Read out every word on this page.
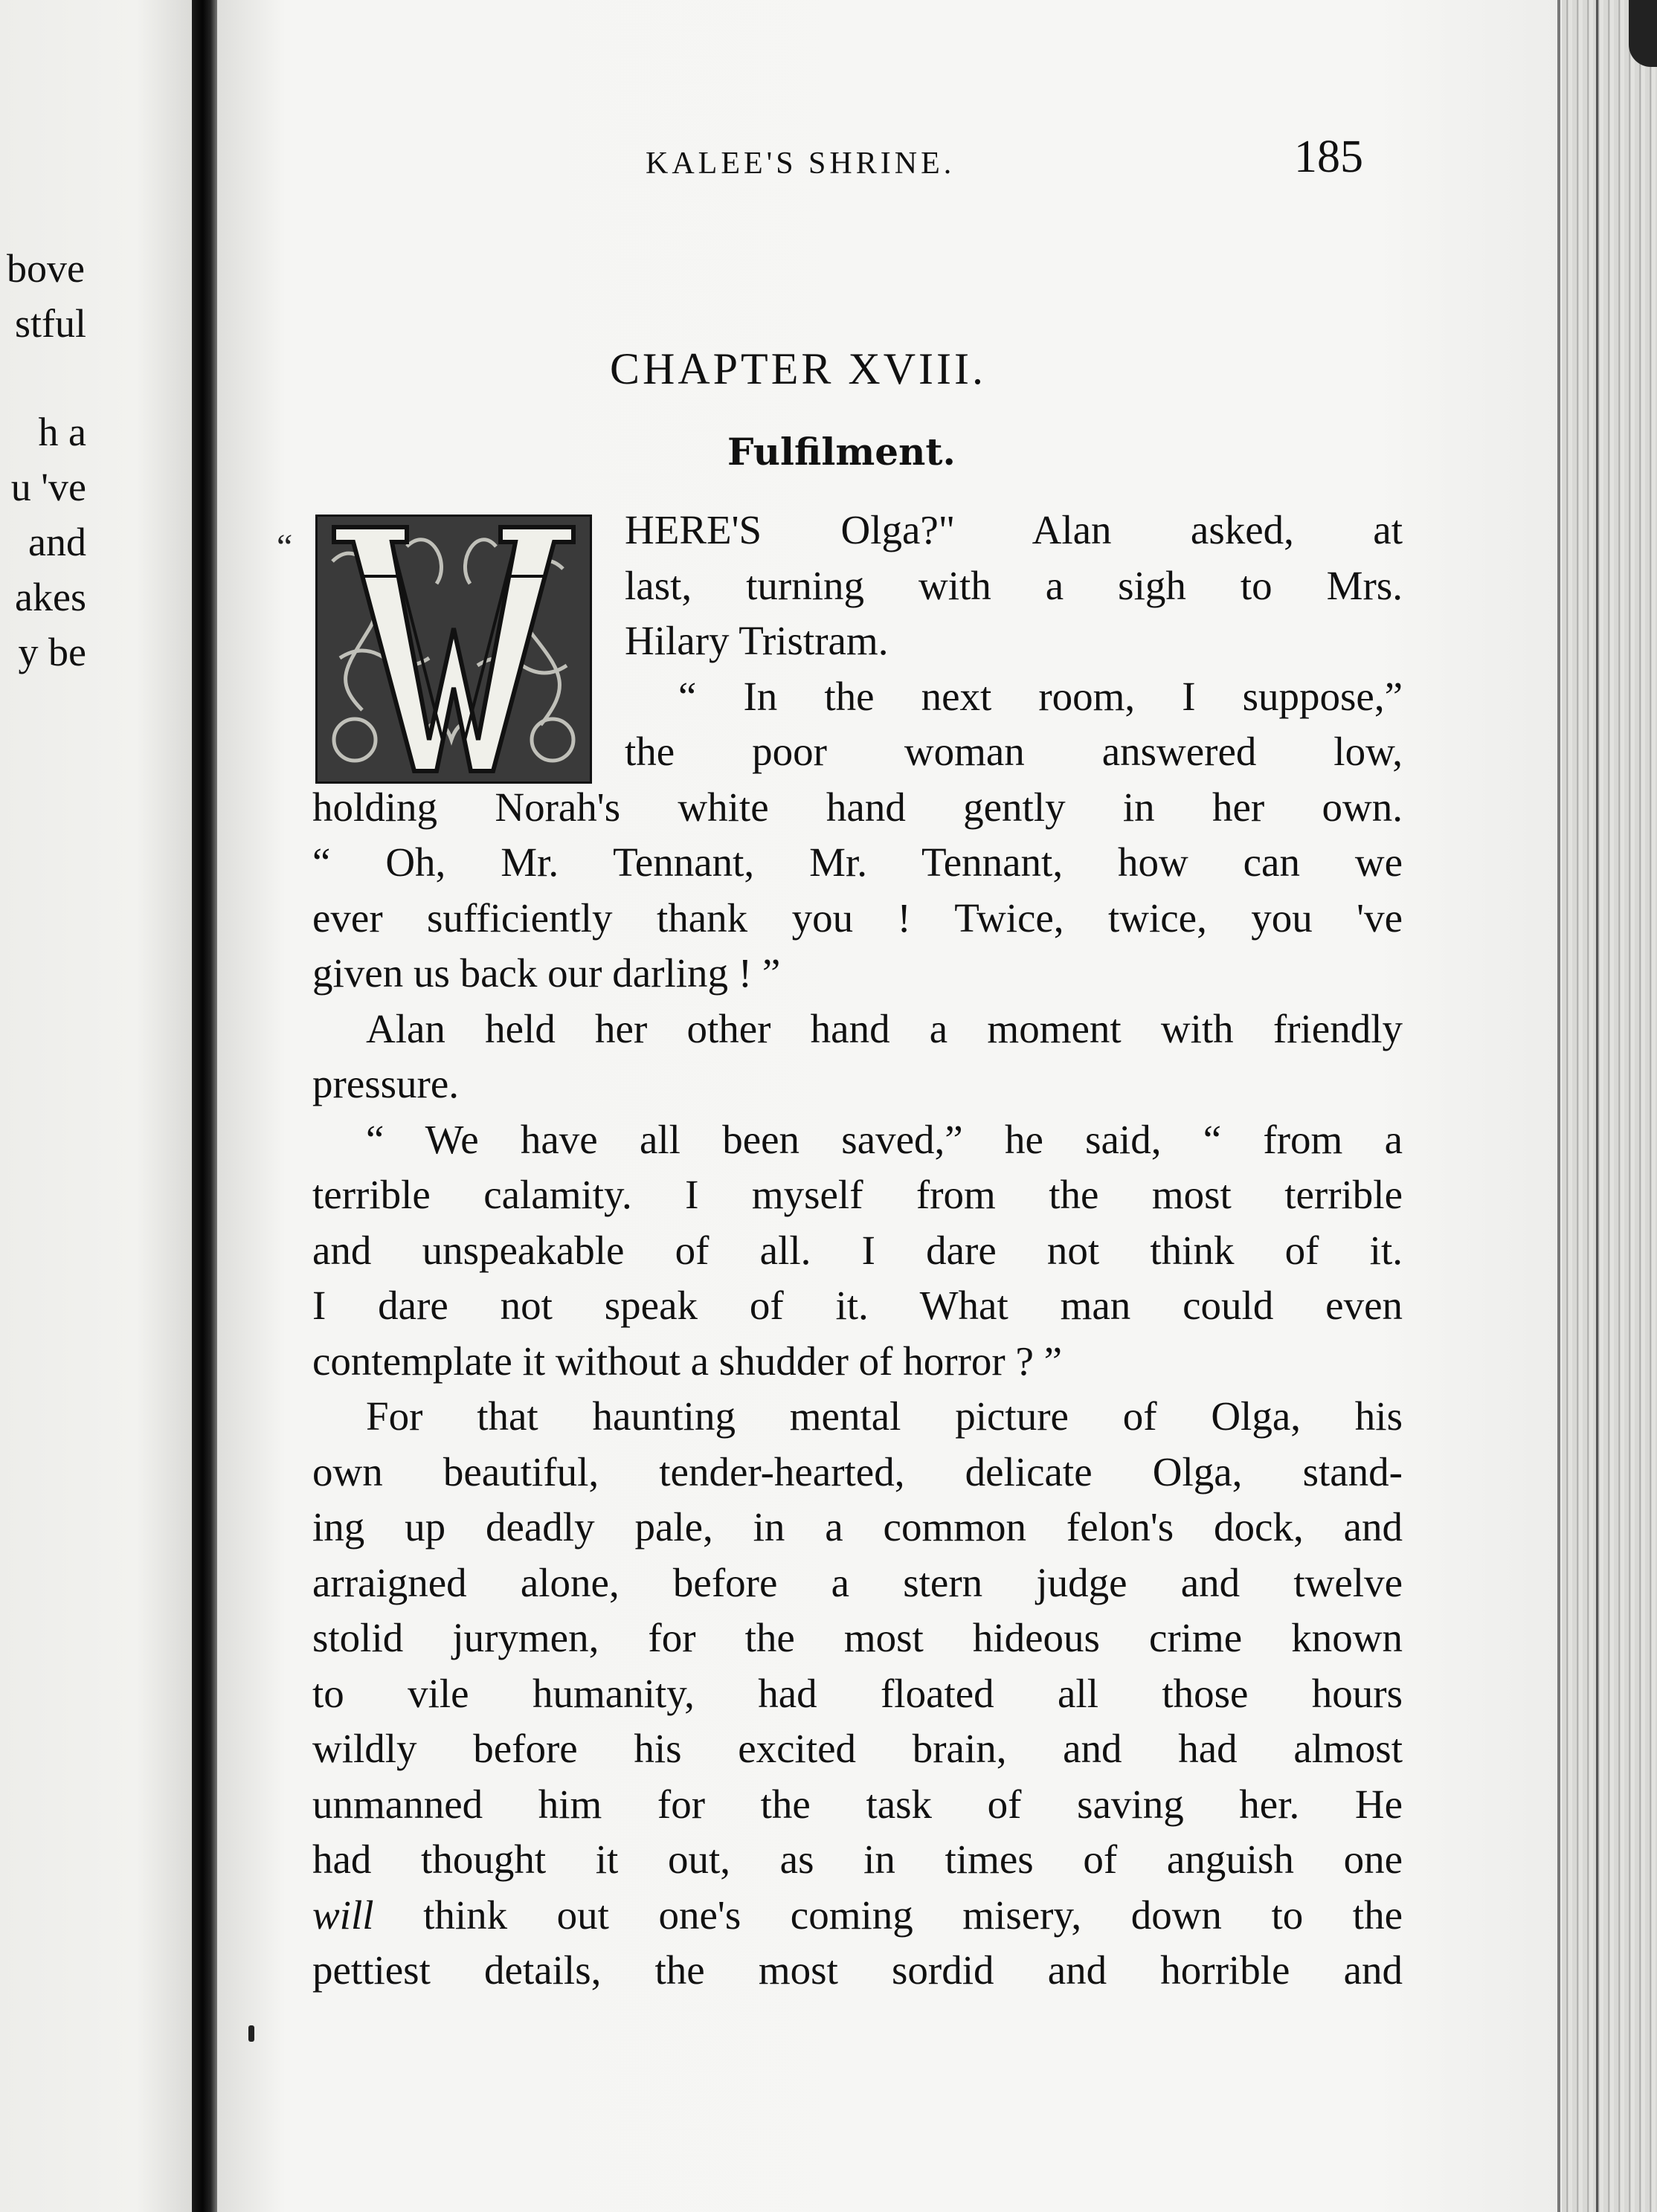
bove
stful
h a
u 've
and
akes
y be
KALEE'S SHRINE.	185
CHAPTER XVIII.
Fulfilment.
“	HERE'S Olga?" Alan asked, at
last, turning with a sigh to Mrs.
Hilary Tristram.
“ In the next room, I suppose,”
the poor woman answered low,
holding Norah's white hand gently in her own.
“ Oh, Mr. Tennant, Mr. Tennant, how can we
ever sufficiently thank you ! Twice, twice, you 've
given us back our darling ! ”
Alan held her other hand a moment with friendly
pressure.
“ We have all been saved,” he said, “ from a
terrible calamity. I myself from the most terrible
and unspeakable of all. I dare not think of it.
I dare not speak of it. What man could even
contemplate it without a shudder of horror ? ”
For that haunting mental picture of Olga, his
own beautiful, tender-hearted, delicate Olga, stand-
ing up deadly pale, in a common felon's dock, and
arraigned alone, before a stern judge and twelve
stolid jurymen, for the most hideous crime known
to vile humanity, had floated all those hours
wildly before his excited brain, and had almost
unmanned him for the task of saving her. He
had thought it out, as in times of anguish one
will think out one's coming misery, down to the
pettiest details, the most sordid and horrible and
